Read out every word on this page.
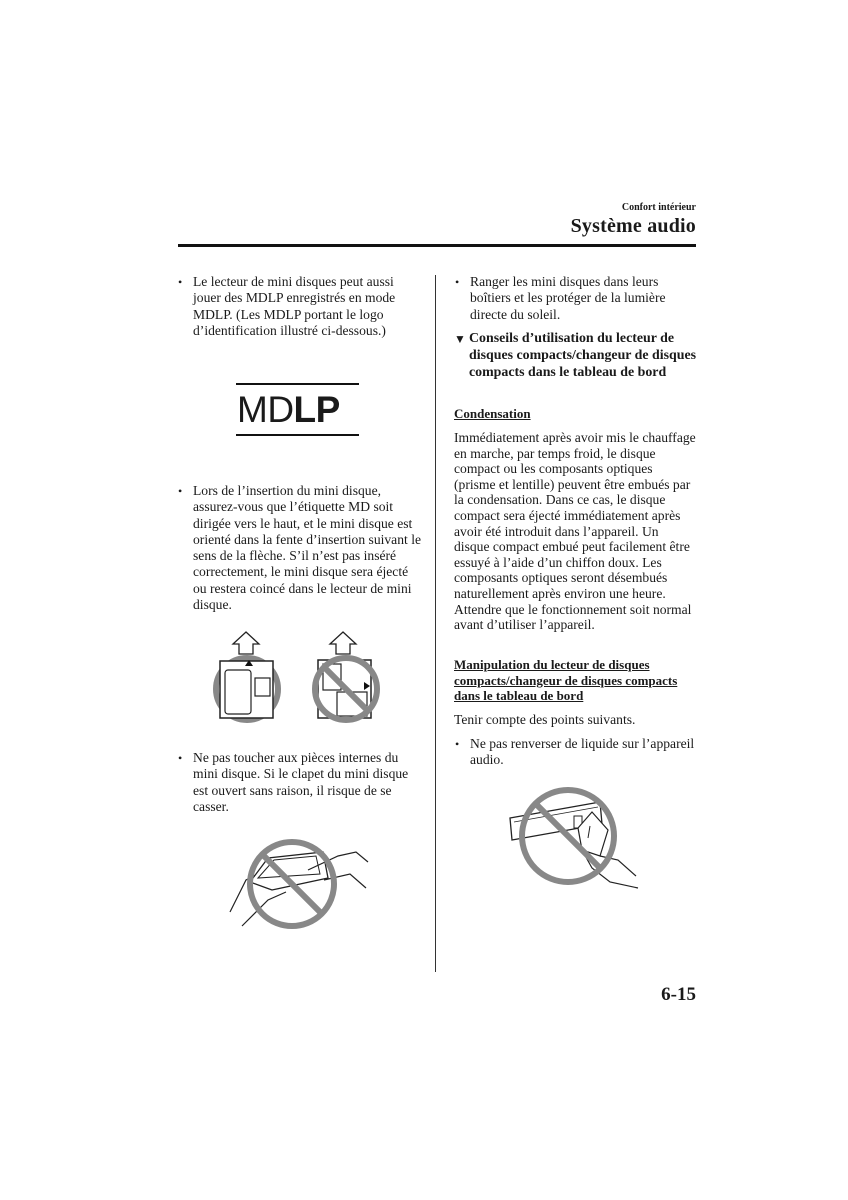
Confort intérieur
Système audio
• Le lecteur de mini disques peut aussi jouer des MDLP enregistrés en mode MDLP. (Les MDLP portant le logo d’identification illustré ci-dessous.)
MDLP
• Lors de l’insertion du mini disque, assurez-vous que l’étiquette MD soit dirigée vers le haut, et le mini disque est orienté dans la fente d’insertion suivant le sens de la flèche. S’il n’est pas inséré correctement, le mini disque sera éjecté ou restera coincé dans le lecteur de mini disque.
• Ne pas toucher aux pièces internes du mini disque. Si le clapet du mini disque est ouvert sans raison, il risque de se casser.
• Ranger les mini disques dans leurs boîtiers et les protéger de la lumière directe du soleil.
▼ Conseils d’utilisation du lecteur de disques compacts/changeur de disques compacts dans le tableau de bord
Condensation
Immédiatement après avoir mis le chauffage en marche, par temps froid, le disque compact ou les composants optiques (prisme et lentille) peuvent être embués par la condensation. Dans ce cas, le disque compact sera éjecté immédiatement après avoir été introduit dans l’appareil. Un disque compact embué peut facilement être essuyé à l’aide d’un chiffon doux. Les composants optiques seront désembués naturellement après environ une heure. Attendre que le fonctionnement soit normal avant d’utiliser l’appareil.
Manipulation du lecteur de disques compacts/changeur de disques compacts dans le tableau de bord
Tenir compte des points suivants.
• Ne pas renverser de liquide sur l’appareil audio.
6-15
